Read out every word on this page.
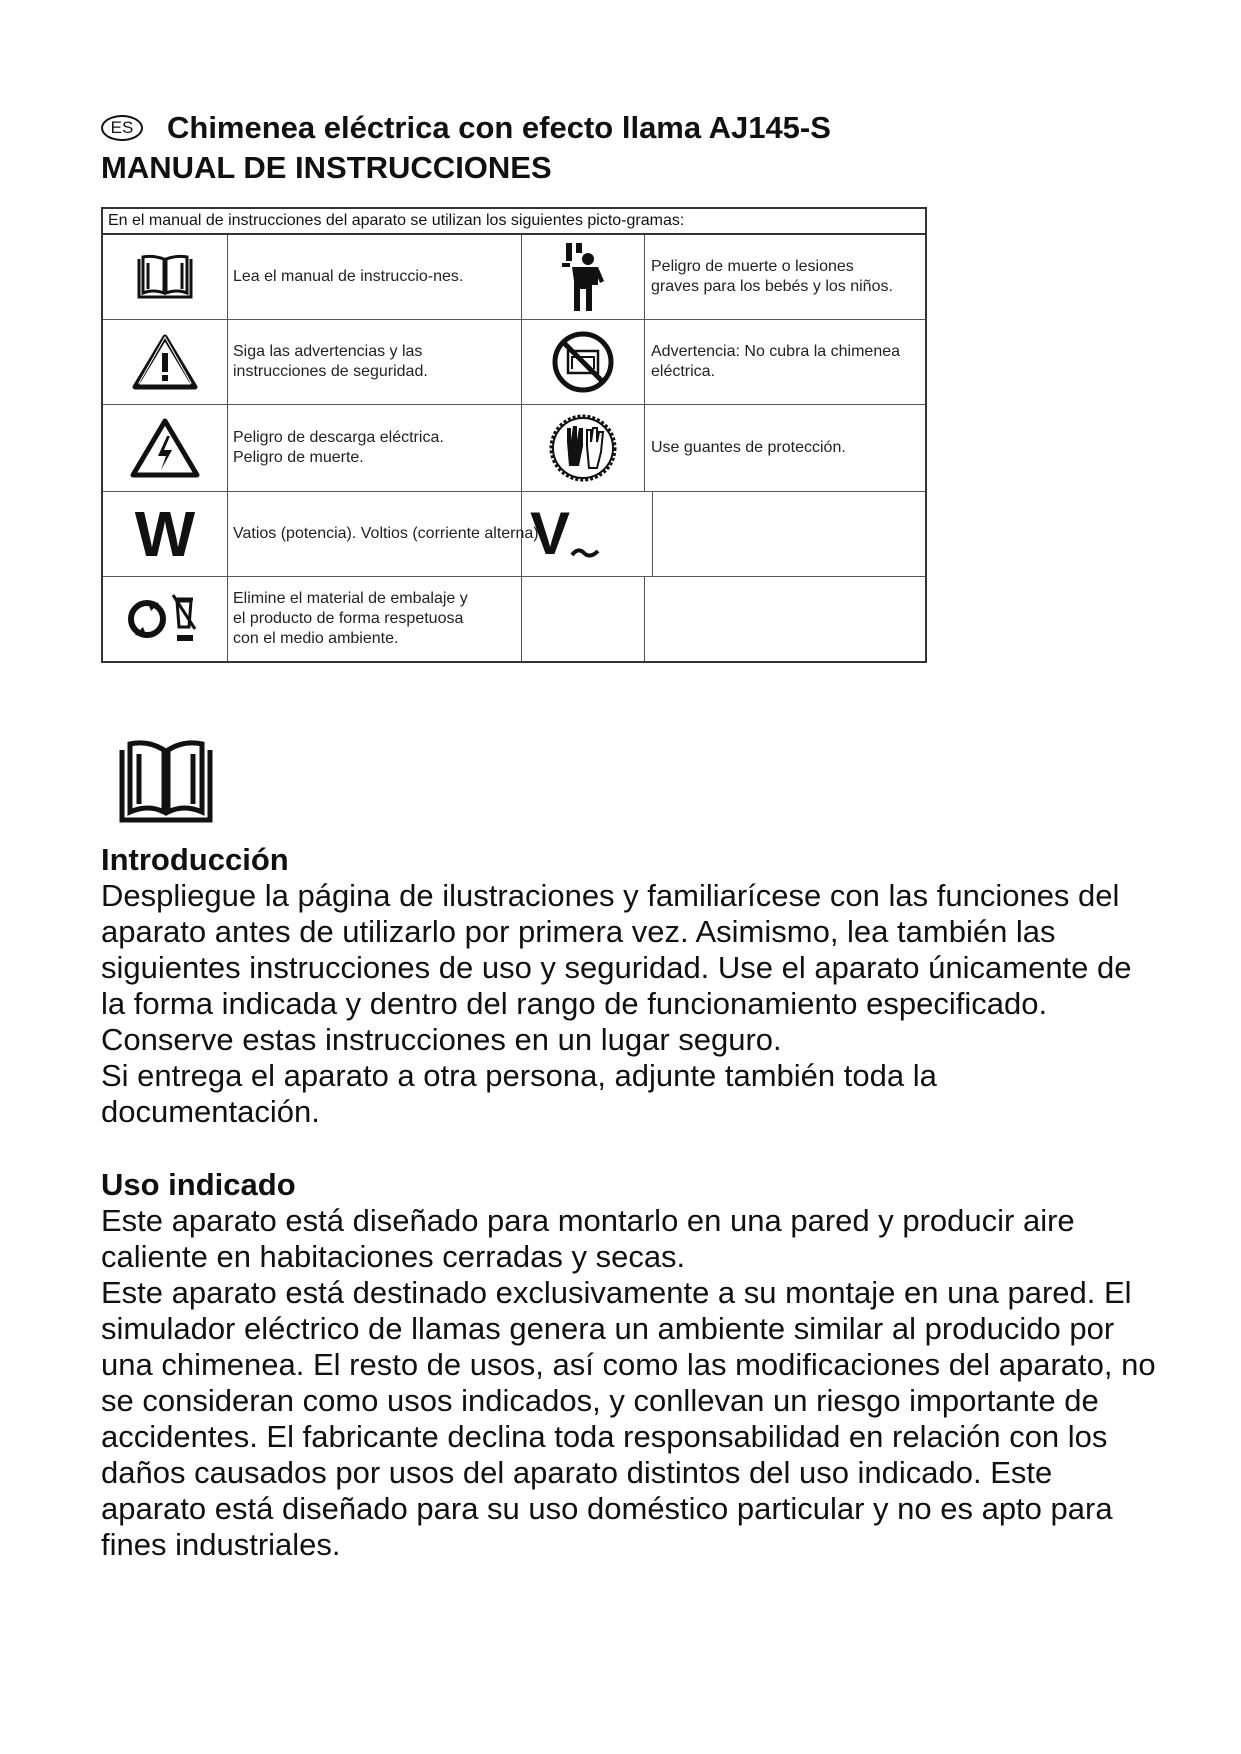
ES	Chimenea eléctrica con efecto llama AJ145-S
MANUAL DE INSTRUCCIONES
En el manual de instrucciones del aparato se utilizan los siguientes picto-gramas:
Lea el manual de instruccio-nes.
Peligro de muerte o lesiones
graves para los bebés y los niños.
Siga las advertencias y las
instrucciones de seguridad.
Advertencia: No cubra la chimenea
eléctrica.
Peligro de descarga eléctrica.
Peligro de muerte.
Use guantes de protección.
W	Vatios (potencia). Voltios (corriente alterna).
V
Elimine el material de embalaje y
el producto de forma respetuosa
con el medio ambiente.
Introducción

Despliegue la página de ilustraciones y familiarícese con las funciones del aparato antes de utilizarlo por primera vez. Asimismo, lea también las siguientes instrucciones de uso y seguridad. Use el aparato únicamente de la forma indicada y dentro del rango de funcionamiento especificado. Conserve estas instrucciones en un lugar seguro.

Si entrega el aparato a otra persona, adjunte también toda la documentación.

Uso indicado

Este aparato está diseñado para montarlo en una pared y producir aire caliente en habitaciones cerradas y secas.

Este aparato está destinado exclusivamente a su montaje en una pared. El simulador eléctrico de llamas genera un ambiente similar al producido por una chimenea. El resto de usos, así como las modificaciones del aparato, no se consideran como usos indicados, y conllevan un riesgo importante de accidentes. El fabricante declina toda responsabilidad en relación con los daños causados por usos del aparato distintos del uso indicado. Este aparato está diseñado para su uso doméstico particular y no es apto para fines industriales.
